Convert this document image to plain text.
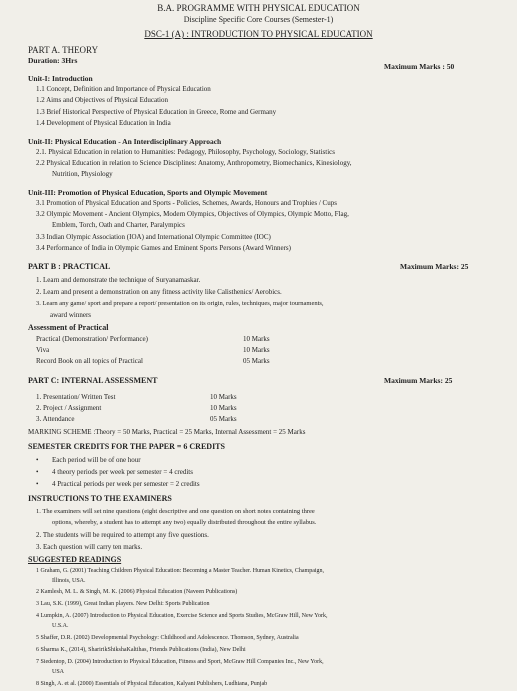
B.A. PROGRAMME WITH PHYSICAL EDUCATION
Discipline Specific Core Courses (Semester-1)
DSC-1 (A) : INTRODUCTION TO PHYSICAL EDUCATION
PART A. THEORY
Duration: 3Hrs
Maximum Marks : 50
Unit-I: Introduction
1.1 Concept, Definition and Importance of Physical Education
1.2 Aims and Objectives of Physical Education
1.3 Brief Historical Perspective of Physical Education in Greece, Rome and Germany
1.4 Development of Physical Education in India
Unit-II: Physical Education - An Interdisciplinary Approach
2.1. Physical Education in relation to Humanities: Pedagogy, Philosophy, Psychology, Sociology, Statistics
2.2 Physical Education in relation to Science Disciplines: Anatomy, Anthropometry, Biomechanics, Kinesiology,
Nutrition, Physiology
Unit-III: Promotion of Physical Education, Sports and Olympic Movement
3.1 Promotion of Physical Education and Sports - Policies, Schemes, Awards, Honours and Trophies / Cups
3.2 Olympic Movement - Ancient Olympics, Modern Olympics, Objectives of Olympics, Olympic Motto, Flag,
Emblem, Torch, Oath and Charter, Paralympics
3.3 Indian Olympic Association (IOA) and International Olympic Committee (IOC)
3.4 Performance of India in Olympic Games and Eminent Sports Persons (Award Winners)
PART B : PRACTICAL	Maximum Marks: 25
1. Learn and demonstrate the technique of Suryanamaskar.
2. Learn and present a demonstration on any fitness activity like Calisthenics/ Aerobics.
3. Learn any game/ sport and prepare a report/ presentation on its origin, rules, techniques, major tournaments,
award winners
Assessment of Practical
Practical (Demonstration/ Performance)	10 Marks
Viva	10 Marks
Record Book on all topics of Practical	05 Marks
PART C: INTERNAL ASSESSMENT	Maximum Marks: 25
1. Presentation/ Written Test	10 Marks
2. Project / Assignment	10 Marks
3. Attendance	05 Marks
MARKING SCHEME :Theory = 50 Marks, Practical = 25 Marks, Internal Assessment = 25 Marks
SEMESTER CREDITS FOR THE PAPER = 6 CREDITS
• Each period will be of one hour
• 4 theory periods per week per semester = 4 credits
• 4 Practical periods per week per semester = 2 credits
INSTRUCTIONS TO THE EXAMINERS
1. The examiners will set nine questions (eight descriptive and one question on short notes containing three
options, whereby, a student has to attempt any two) equally distributed throughout the entire syllabus.
2. The students will be required to attempt any five questions.
3. Each question will carry ten marks.
SUGGESTED READINGS
1 Graham, G. (2001) Teaching Children Physical Education: Becoming a Master Teacher. Human Kinetics, Champaign,
Illinois, USA.
2 Kamlesh, M. L. & Singh, M. K. (2006) Physical Education (Naveen Publications)
3 Lau, S.K. (1999), Great Indian players. New Delhi: Sports Publication
4 Lumpkin, A. (2007) Introduction to Physical Education, Exercise Science and Sports Studies, McGraw Hill, New York,
U.S.A.
5 Shaffer, D.R. (2002) Developmental Psychology: Childhood and Adolescence. Thomson, Sydney, Australia
6 Sharma K., (2014), SharirikShikshaKaltihas, Friends Publications (India), New Delhi
7 Siedentop, D. (2004) Introduction to Physical Education, Fitness and Sport, McGraw Hill Companies Inc., New York,
USA
8 Singh, A. et al. (2000) Essentials of Physical Education, Kalyani Publishers, Ludhiana, Punjab
